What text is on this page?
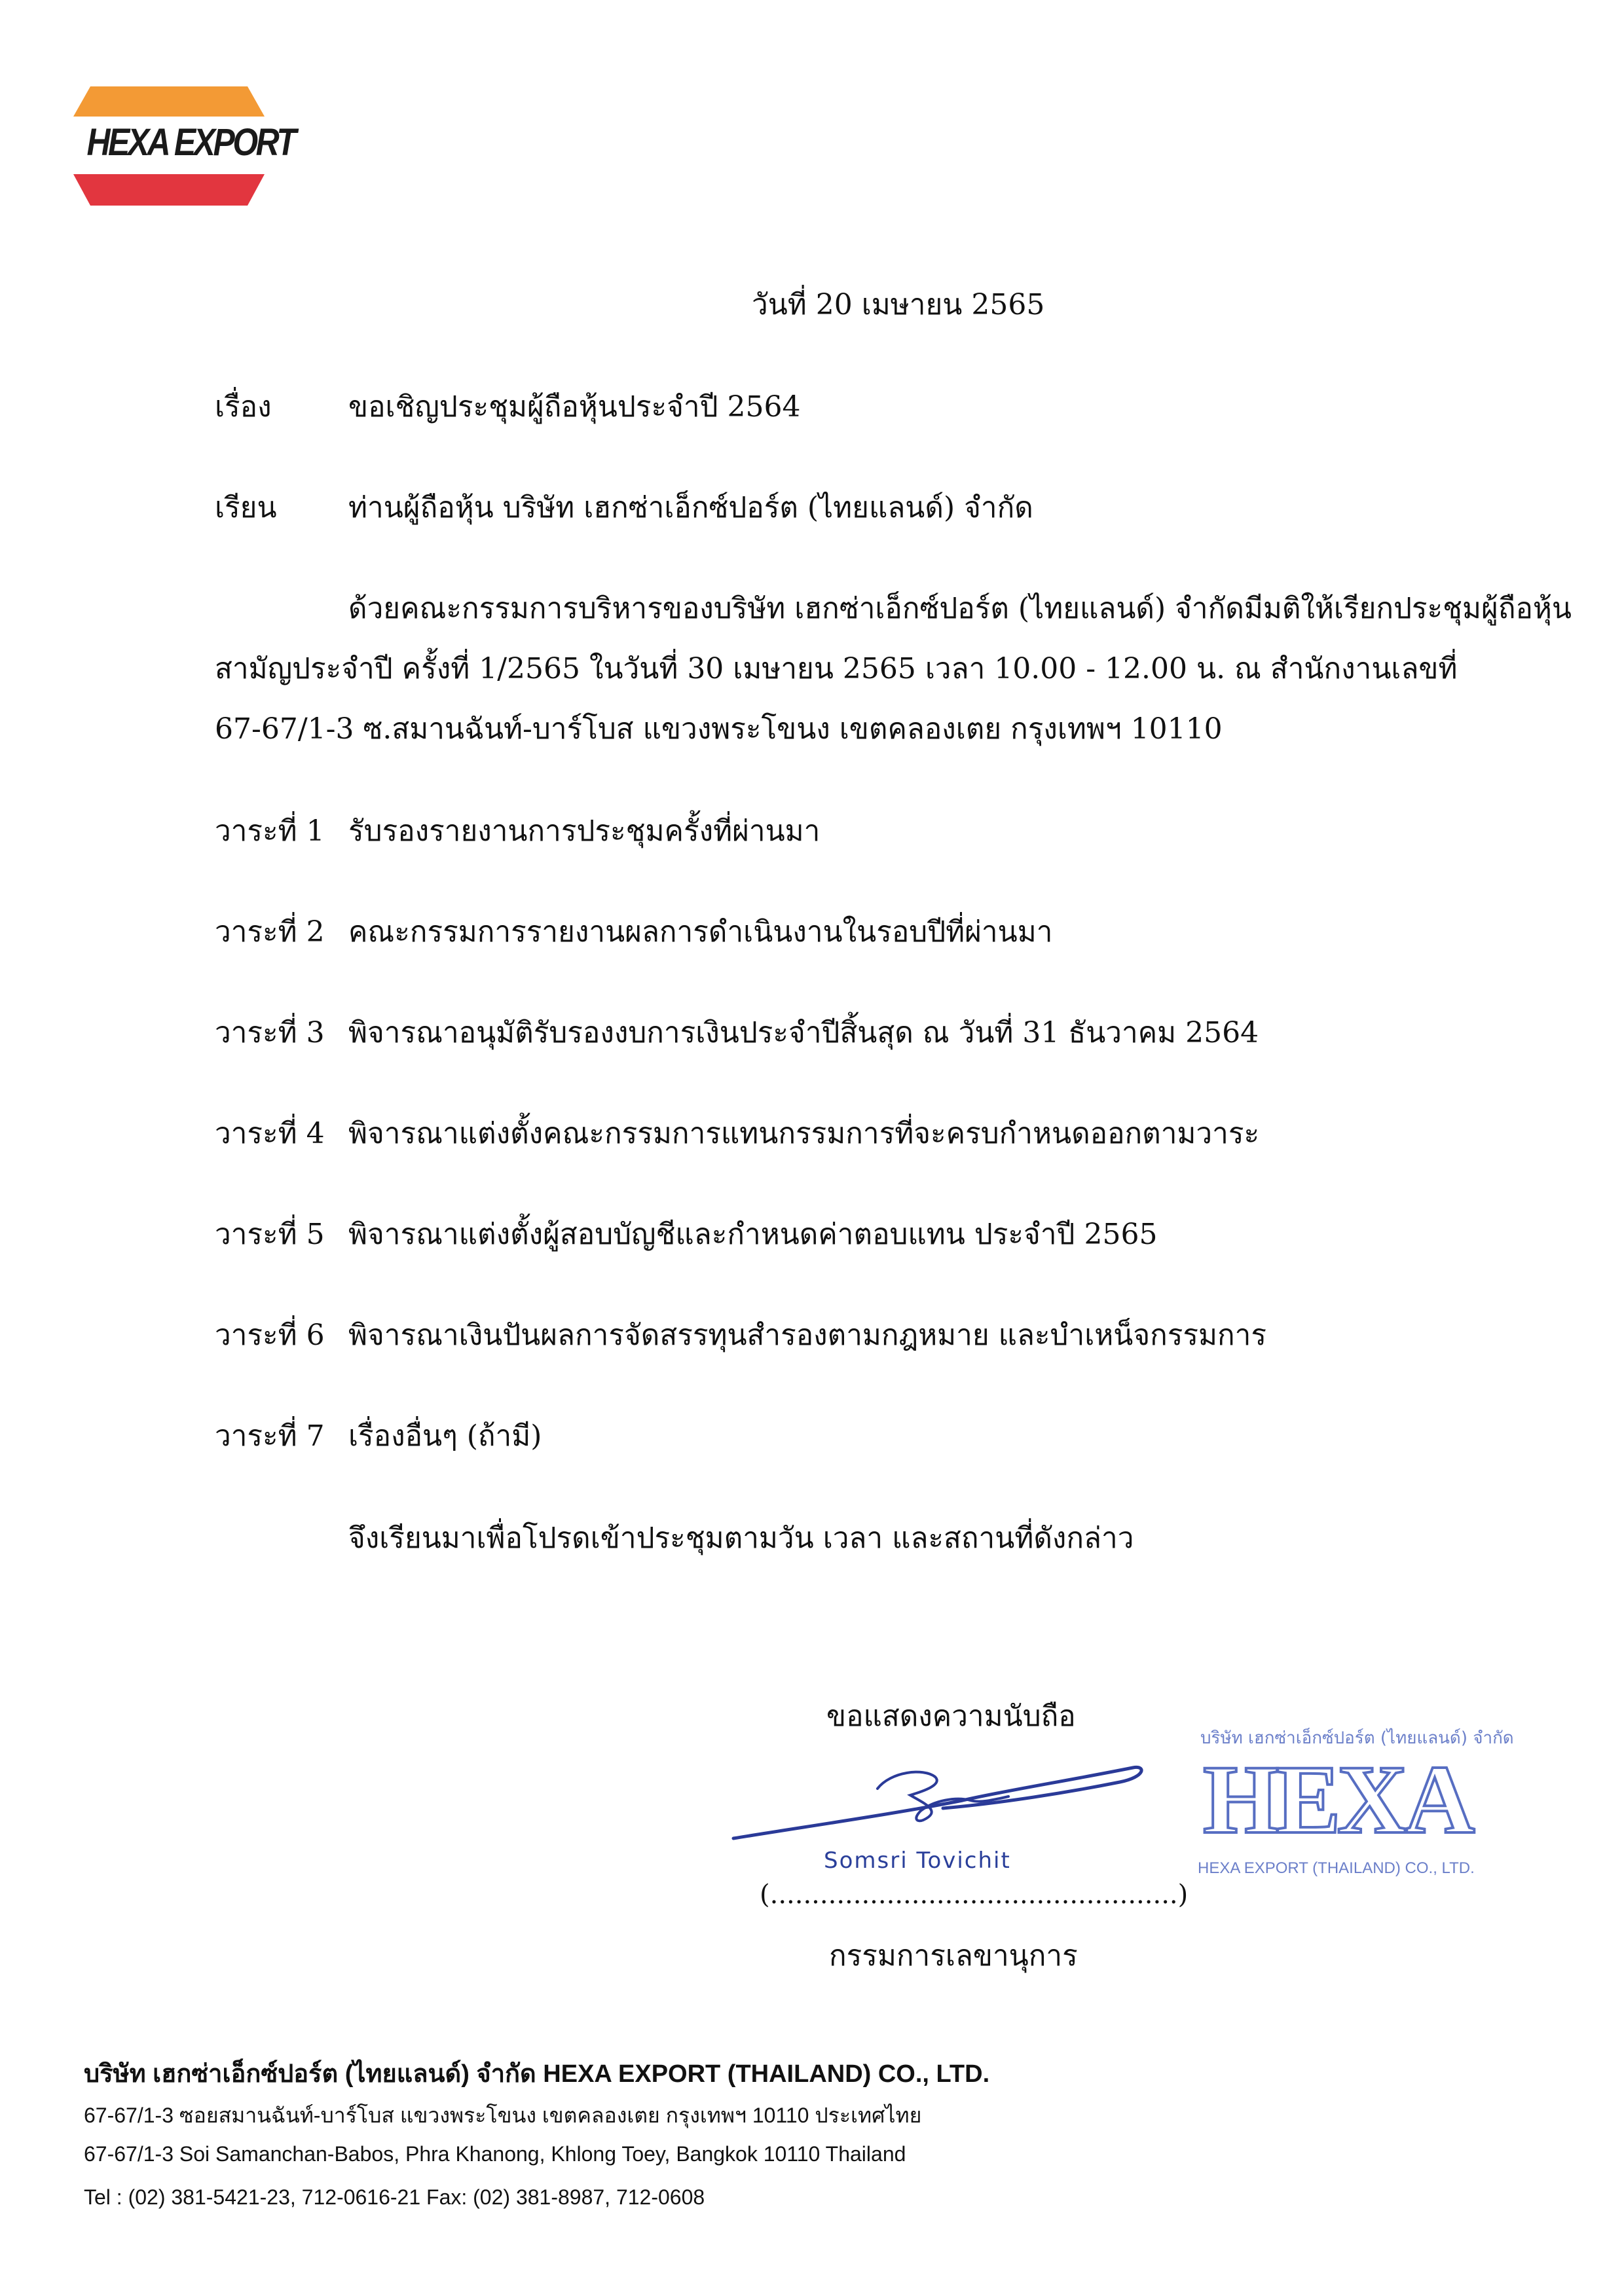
HEXA EXPORT
วันที่ 20 เมษายน 2565
เรื่อง	ขอเชิญประชุมผู้ถือหุ้นประจำปี 2564
เรียน ท่านผู้ถือหุ้น บริษัท เฮกซ่าเอ็กซ์ปอร์ต (ไทยแลนด์) จำกัด
ด้วยคณะกรรมการบริหารของบริษัท เฮกซ่าเอ็กซ์ปอร์ต (ไทยแลนด์) จำกัดมีมติให้เรียกประชุมผู้ถือหุ้น
สามัญประจำปี ครั้งที่ 1/2565 ในวันที่ 30 เมษายน 2565 เวลา 10.00 - 12.00 น. ณ สำนักงานเลขที่
67-67/1-3 ซ.สมานฉันท์-บาร์โบส แขวงพระโขนง เขตคลองเตย กรุงเทพฯ 10110
วาระที่ 1 รับรองรายงานการประชุมครั้งที่ผ่านมา
วาระที่ 2 คณะกรรมการรายงานผลการดำเนินงานในรอบปีที่ผ่านมา
วาระที่ 3 พิจารณาอนุมัติรับรองงบการเงินประจำปีสิ้นสุด ณ วันที่ 31 ธันวาคม 2564
วาระที่ 4 พิจารณาแต่งตั้งคณะกรรมการแทนกรรมการที่จะครบกำหนดออกตามวาระ
วาระที่ 5 พิจารณาแต่งตั้งผู้สอบบัญชีและกำหนดค่าตอบแทน ประจำปี 2565
วาระที่ 6 พิจารณาเงินปันผลการจัดสรรทุนสำรองตามกฎหมาย และบำเหน็จกรรมการ
วาระที่ 7 เรื่องอื่นๆ (ถ้ามี)
จึงเรียนมาเพื่อโปรดเข้าประชุมตามวัน เวลา และสถานที่ดังกล่าว
ขอแสดงความนับถือ
Somsri Tovichit
(.................................................)
กรรมการเลขานุการ
บริษัท เฮกซ่าเอ็กซ์ปอร์ต (ไทยแลนด์) จำกัด
HEXA
HEXA EXPORT (THAILAND) CO., LTD.
บริษัท เฮกซ่าเอ็กซ์ปอร์ต (ไทยแลนด์) จำกัด HEXA EXPORT (THAILAND) CO., LTD.
67-67/1-3 ซอยสมานฉันท์-บาร์โบส แขวงพระโขนง เขตคลองเตย กรุงเทพฯ 10110 ประเทศไทย
67-67/1-3 Soi Samanchan-Babos, Phra Khanong, Khlong Toey, Bangkok 10110 Thailand
Tel : (02) 381-5421-23, 712-0616-21 Fax: (02) 381-8987, 712-0608
